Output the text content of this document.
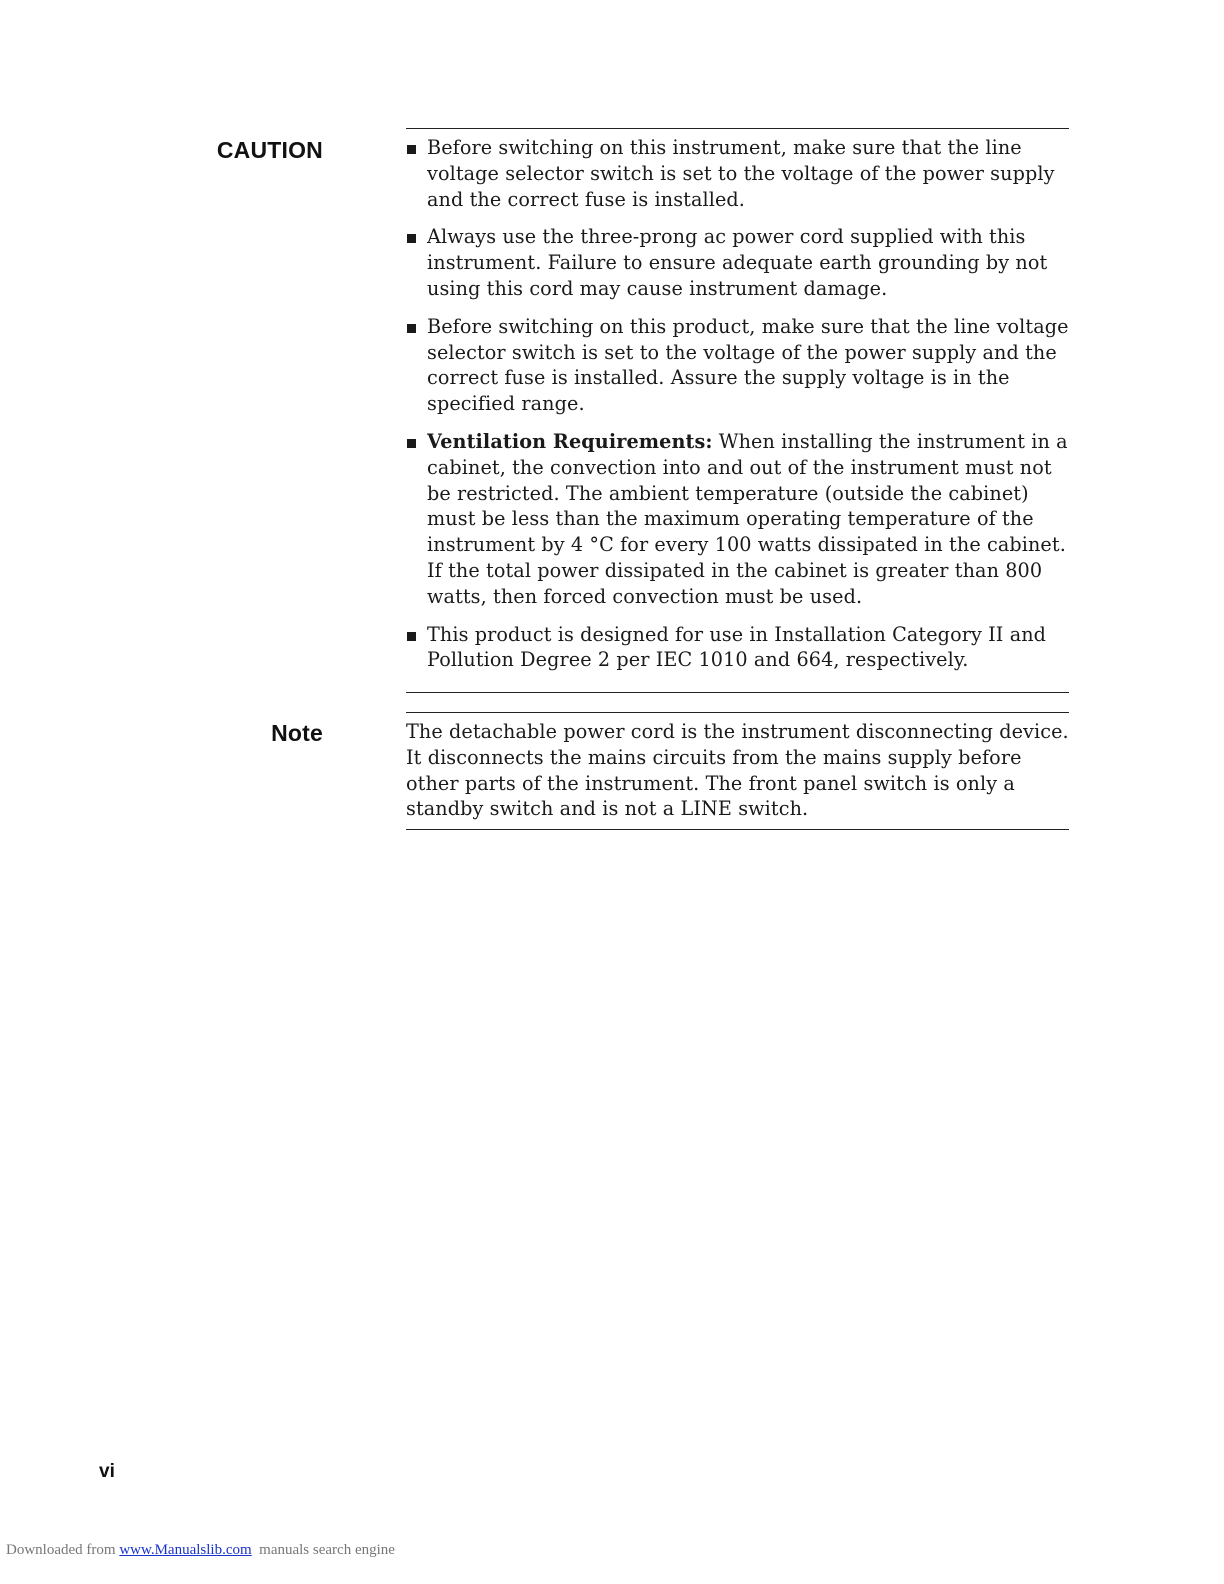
CAUTION	Before switching on this instrument, make sure that the line voltage selector switch is set to the voltage of the power supply and the correct fuse is installed.
Always use the three-prong ac power cord supplied with this instrument. Failure to ensure adequate earth grounding by not using this cord may cause instrument damage.
Before switching on this product, make sure that the line voltage selector switch is set to the voltage of the power supply and the correct fuse is installed. Assure the supply voltage is in the specified range.
Ventilation Requirements: When installing the instrument in a cabinet, the convection into and out of the instrument must not be restricted. The ambient temperature (outside the cabinet) must be less than the maximum operating temperature of the instrument by 4 °C for every 100 watts dissipated in the cabinet. If the total power dissipated in the cabinet is greater than 800 watts, then forced convection must be used.
This product is designed for use in Installation Category II and Pollution Degree 2 per IEC 1010 and 664, respectively.
Note	The detachable power cord is the instrument disconnecting device. It disconnects the mains circuits from the mains supply before other parts of the instrument. The front panel switch is only a standby switch and is not a LINE switch.

vi
Downloaded from www.Manualslib.com  manuals search engine
